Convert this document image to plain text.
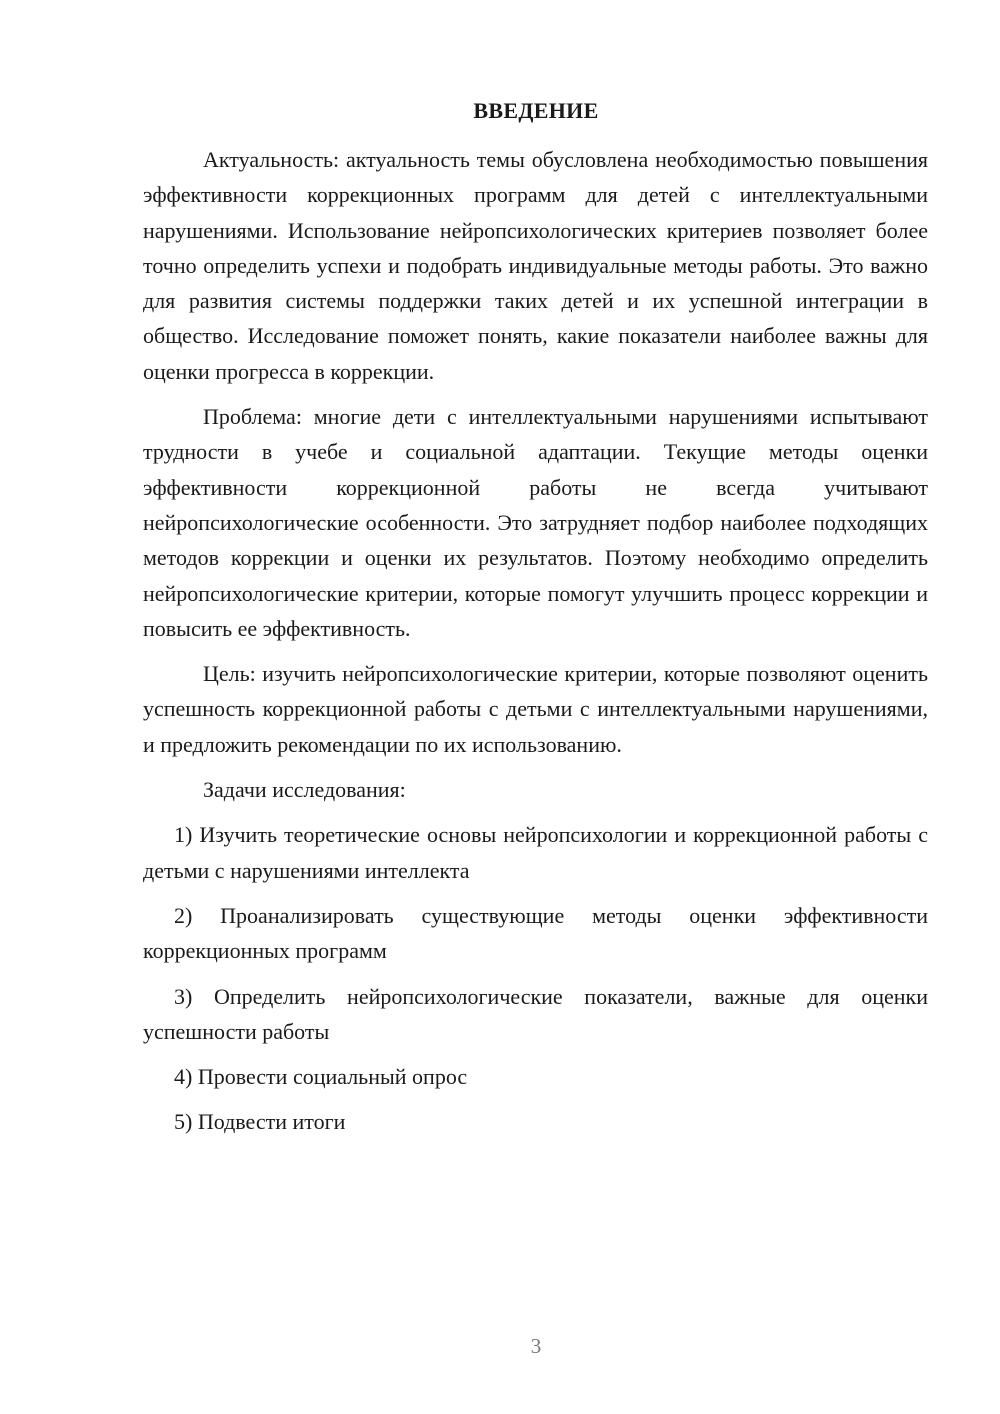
ВВЕДЕНИЕ

Актуальность: актуальность темы обусловлена необходимостью повышения эффективности коррекционных программ для детей с интеллектуальными нарушениями. Использование нейропсихологических критериев позволяет более точно определить успехи и подобрать индивидуальные методы работы. Это важно для развития системы поддержки таких детей и их успешной интеграции в общество. Исследование поможет понять, какие показатели наиболее важны для оценки прогресса в коррекции.

Проблема: многие дети с интеллектуальными нарушениями испытывают трудности в учебе и социальной адаптации. Текущие методы оценки эффективности коррекционной работы не всегда учитывают нейропсихологические особенности. Это затрудняет подбор наиболее подходящих методов коррекции и оценки их результатов. Поэтому необходимо определить нейропсихологические критерии, которые помогут улучшить процесс коррекции и повысить ее эффективность.

Цель: изучить нейропсихологические критерии, которые позволяют оценить успешность коррекционной работы с детьми с интеллектуальными нарушениями, и предложить рекомендации по их использованию.

Задачи исследования:

1) Изучить теоретические основы нейропсихологии и коррекционной работы с детьми с нарушениями интеллекта

2) Проанализировать существующие методы оценки эффективности коррекционных программ

3) Определить нейропсихологические показатели, важные для оценки успешности работы

4) Провести социальный опрос

5) Подвести итоги

3
